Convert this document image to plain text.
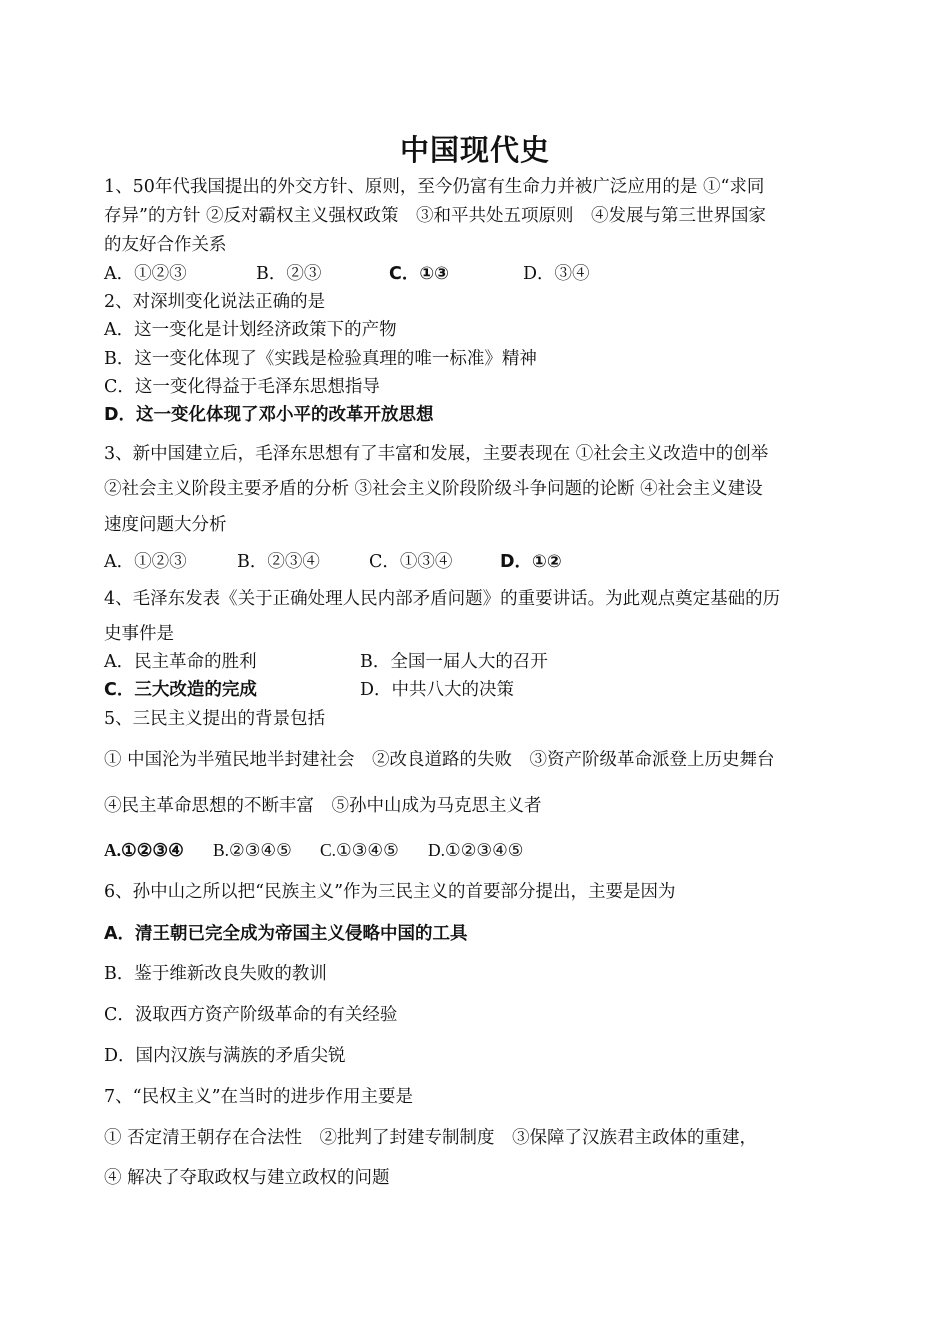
中国现代史
1、50年代我国提出的外交方针、原则，至今仍富有生命力并被广泛应用的是 ①“求同
存异”的方针 ②反对霸权主义强权政策　③和平共处五项原则　④发展与第三世界国家
的友好合作关系
A．①②③	B．②③	C．①③	D．③④
2、对深圳变化说法正确的是
A．这一变化是计划经济政策下的产物
B．这一变化体现了《实践是检验真理的唯一标准》精神
C．这一变化得益于毛泽东思想指导
D．这一变化体现了邓小平的改革开放思想
3、新中国建立后，毛泽东思想有了丰富和发展，主要表现在 ①社会主义改造中的创举
②社会主义阶段主要矛盾的分析 ③社会主义阶段阶级斗争问题的论断 ④社会主义建设
速度问题大分析
A．①②③	B．②③④	C．①③④	D．①②
4、毛泽东发表《关于正确处理人民内部矛盾问题》的重要讲话。为此观点奠定基础的历
史事件是
A．民主革命的胜利	B．全国一届人大的召开
C．三大改造的完成	D．中共八大的决策
5、三民主义提出的背景包括
① 中国沦为半殖民地半封建社会　②改良道路的失败　③资产阶级革命派登上历史舞台
④民主革命思想的不断丰富　⑤孙中山成为马克思主义者
A.①②③④ B.②③④⑤ C.①③④⑤ D.①②③④⑤
6、孙中山之所以把“民族主义”作为三民主义的首要部分提出，主要是因为
A．清王朝已完全成为帝国主义侵略中国的工具
B．鉴于维新改良失败的教训
C．汲取西方资产阶级革命的有关经验
D．国内汉族与满族的矛盾尖锐
7、“民权主义”在当时的进步作用主要是
① 否定清王朝存在合法性　②批判了封建专制制度　③保障了汉族君主政体的重建，
④ 解决了夺取政权与建立政权的问题
